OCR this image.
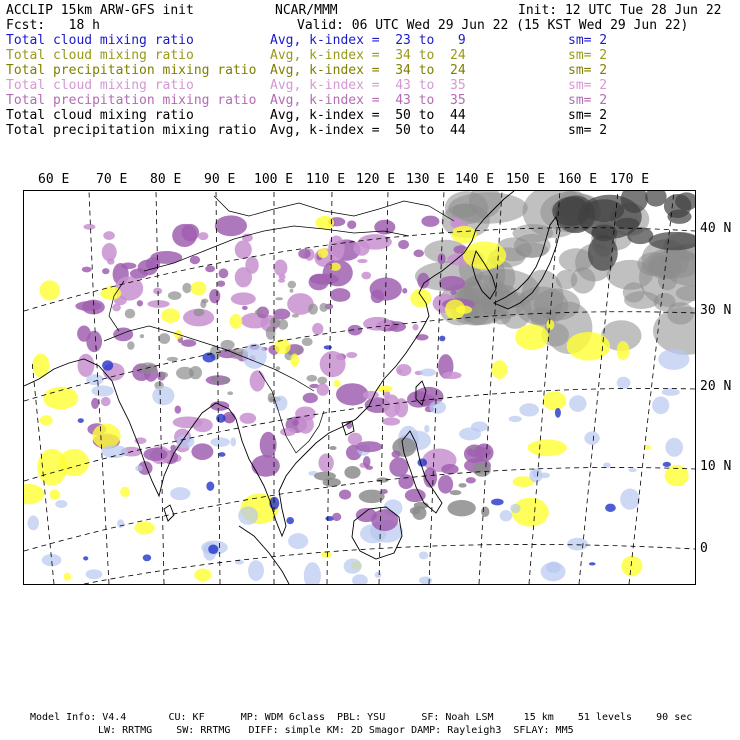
ACCLIP 15km ARW-GFS init	NCAR/MMM	Init: 12 UTC Tue 28 Jun 22
Fcst:   18 h	Valid: 06 UTC Wed 29 Jun 22 (15 KST Wed 29 Jun 22)
Total cloud mixing ratio	Avg, k-index =  23 to   9	sm= 2
Total cloud mixing ratio	Avg, k-index =  34 to  24	sm= 2
Total precipitation mixing ratio Avg, k-index =  34 to  24	sm= 2
Total cloud mixing ratio	Avg, k-index =  43 to  35	sm= 2
Total precipitation mixing ratio Avg, k-index =  43 to  35	sm= 2
Total cloud mixing ratio	Avg, k-index =  50 to  44	sm= 2
Total precipitation mixing ratio Avg, k-index =  50 to  44	sm= 2
60 E 70 E 80 E 90 E 100 E 110 E 120 E 130 E 140 E 150 E 160 E 170 E
40 N
30 N
20 N
10 N
0
Model Info: V4.4       CU: KF      MP: WDM 6class  PBL: YSU      SF: Noah LSM     15 km    51 levels    90 sec
LW: RRTMG    SW: RRTMG   DIFF: simple KM: 2D Smagor DAMP: Rayleigh3  SFLAY: MM5
